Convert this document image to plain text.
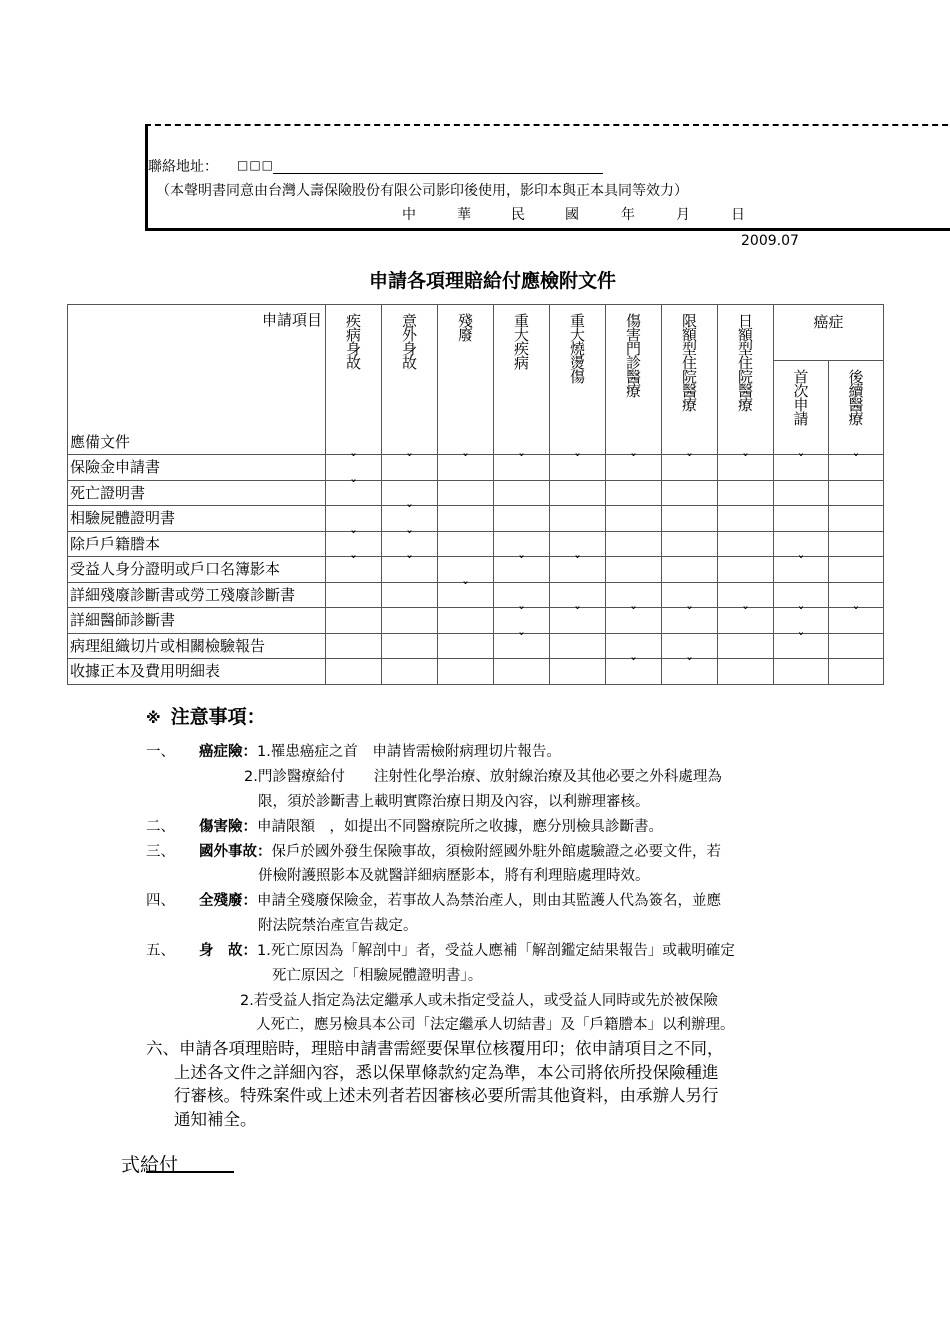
聯絡地址： □□□
（本聲明書同意由台灣人壽保險股份有限公司影印後使用，影印本與正本具同等效力）
中	華	民	國	年	月	日
2009.07
申請各項理賠給付應檢附文件
申請項目
應備文件	疾病身故	意外身故	殘廢	重大疾病	重大燒燙傷	傷害門診醫療	限額型住院醫療	日額型住院醫療	癌症	
									首次申請	後續醫療
保險金申請書	ˇ	ˇ	ˇ	ˇ	ˇ	ˇ	ˇ	ˇ	ˇ	ˇ
死亡證明書	ˇ									
相驗屍體證明書		ˇ								
除戶戶籍謄本	ˇ	ˇ								
受益人身分證明或戶口名簿影本	ˇ	ˇ		ˇ	ˇ				ˇ	
詳細殘廢診斷書或勞工殘廢診斷書			ˇ							
詳細醫師診斷書				ˇ	ˇ	ˇ	ˇ	ˇ	ˇ	ˇ
病理組織切片或相關檢驗報告				ˇ					ˇ	
收據正本及費用明細表						ˇ	ˇ			
※ 注意事項：
一、 癌症險：1.罹患癌症之首　申請皆需檢附病理切片報告。
2.門診醫療給付　　注射性化學治療、放射線治療及其他必要之外科處理為
限，須於診斷書上載明實際治療日期及內容，以利辦理審核。
二、 傷害險：申請限額　，如提出不同醫療院所之收據，應分別檢具診斷書。
三、 國外事故：保戶於國外發生保險事故，須檢附經國外駐外館處驗證之必要文件，若
併檢附護照影本及就醫詳細病歷影本，將有利理賠處理時效。
四、 全殘廢：申請全殘廢保險金，若事故人為禁治產人，則由其監護人代為簽名，並應
附法院禁治產宣告裁定。
五、 身　故：1.死亡原因為「解剖中」者，受益人應補「解剖鑑定結果報告」或載明確定
死亡原因之「相驗屍體證明書」。
2.若受益人指定為法定繼承人或未指定受益人，或受益人同時或先於被保險
人死亡，應另檢具本公司「法定繼承人切結書」及「戶籍謄本」以利辦理。
六、申請各項理賠時，理賠申請書需經要保單位核覆用印；依申請項目之不同，
上述各文件之詳細內容，悉以保單條款約定為準，本公司將依所投保險種進
行審核。特殊案件或上述未列者若因審核必要所需其他資料，由承辦人另行
通知補全。
式給付
